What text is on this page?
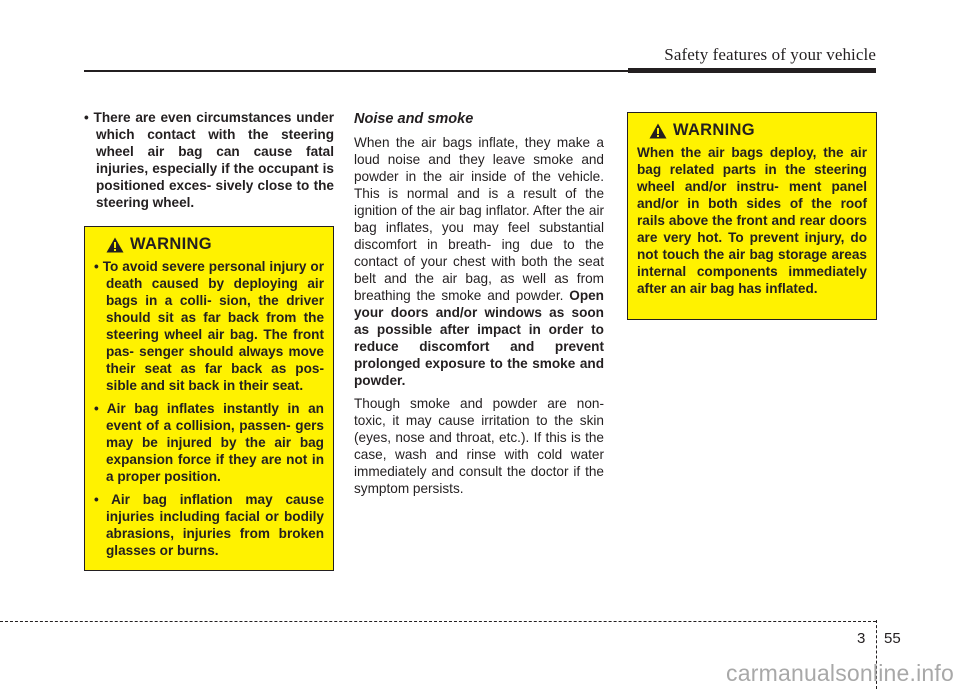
Safety features of your vehicle

• There are even circumstances under which contact with the steering wheel air bag can cause fatal injuries, especially if the occupant is positioned exces- sively close to the steering wheel.

WARNING
• To avoid severe personal injury or death caused by deploying air bags in a colli- sion, the driver should sit as far back from the steering wheel air bag. The front pas- senger should always move their seat as far back as pos- sible and sit back in their seat.
• Air bag inflates instantly in an event of a collision, passen- gers may be injured by the air bag expansion force if they are not in a proper position.
• Air bag inflation may cause injuries including facial or bodily abrasions, injuries from broken glasses or burns.
Noise and smoke

When the air bags inflate, they make a loud noise and they leave smoke and powder in the air inside of the vehicle. This is normal and is a result of the ignition of the air bag inflator. After the air bag inflates, you may feel substantial discomfort in breath- ing due to the contact of your chest with both the seat belt and the air bag, as well as from breathing the smoke and powder. Open your doors and/or windows as soon as possible after impact in order to reduce discomfort and prevent prolonged exposure to the smoke and powder.

Though smoke and powder are non- toxic, it may cause irritation to the skin (eyes, nose and throat, etc.). If this is the case, wash and rinse with cold water immediately and consult the doctor if the symptom persists.

WARNING

When the air bags deploy, the air bag related parts in the steering wheel and/or instru- ment panel and/or in both sides of the roof rails above the front and rear doors are very hot. To prevent injury, do not touch the air bag storage areas internal components immediately after an air bag has inflated.

3 55
carmanualsonline.info
